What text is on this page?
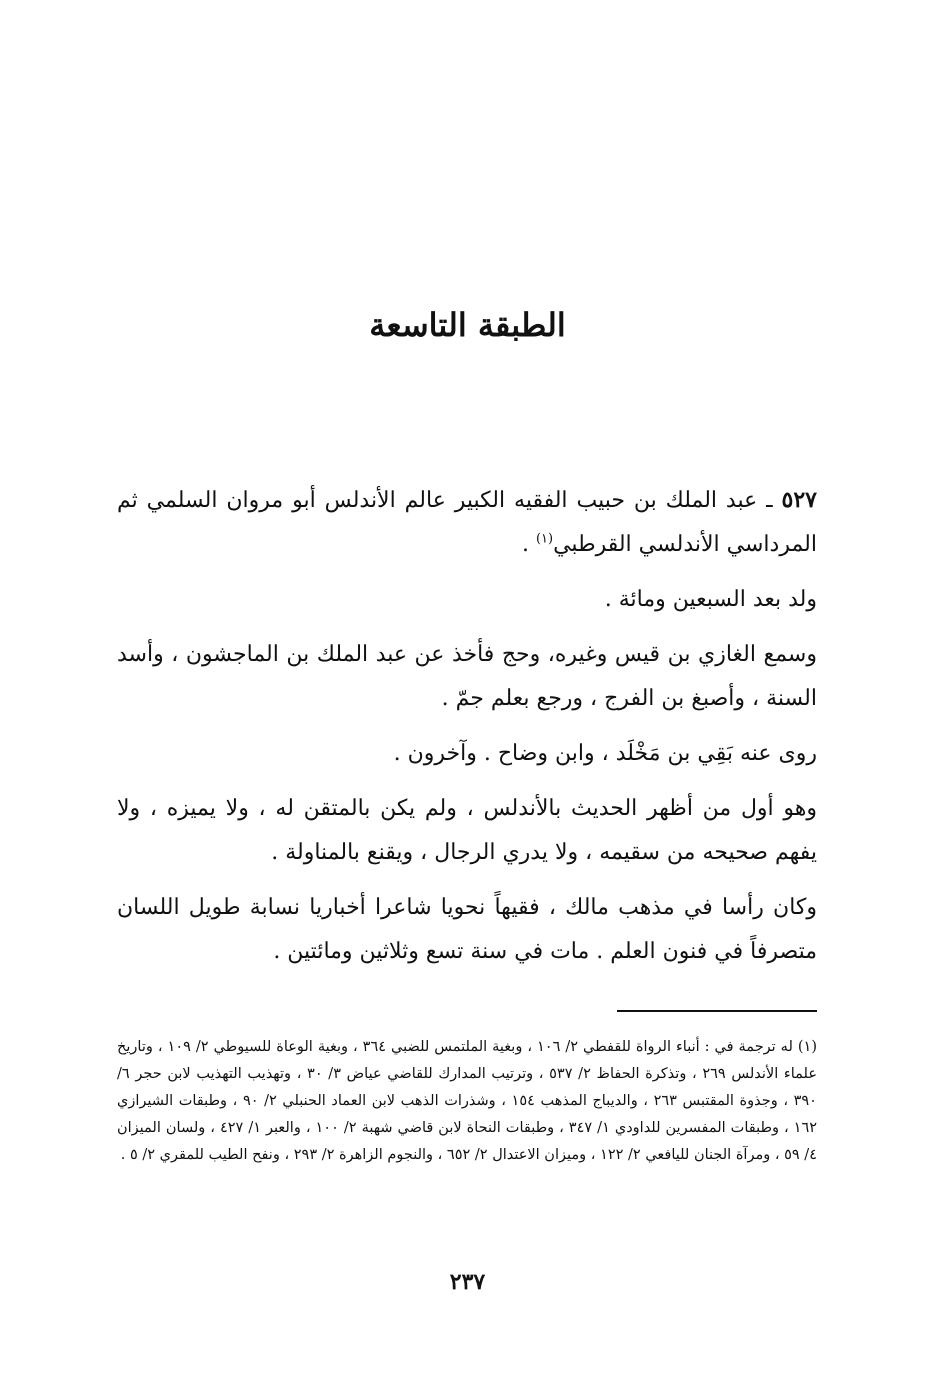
الطبقة التاسعة

٥٢٧ ـ عبد الملك بن حبيب الفقيه الكبير عالم الأندلس أبو مروان السلمي ثم المرداسي الأندلسي القرطبي$^{(١)}$ .

ولد بعد السبعين ومائة .

وسمع الغازي بن قيس وغيره، وحج فأخذ عن عبد الملك بن الماجشون ، وأسد السنة ، وأصبغ بن الفرج ، ورجع بعلم جمّ .

روى عنه بَقِي بن مَخْلَد ، وابن وضاح . وآخرون .

وهو أول من أظهر الحديث بالأندلس ، ولم يكن بالمتقن له ، ولا يميزه ، ولا يفهم صحيحه من سقيمه ، ولا يدري الرجال ، ويقنع بالمناولة .

وكان رأسا في مذهب مالك ، فقيهاً نحويا شاعرا أخباريا نسابة طويل اللسان متصرفاً في فنون العلم . مات في سنة تسع وثلاثين ومائتين .

(١) له ترجمة في : أنباء الرواة للقفطي ٢/ ١٠٦ ، وبغية الملتمس للضبي ٣٦٤ ، وبغية الوعاة للسيوطي ٢/ ١٠٩ ، وتاريخ علماء الأندلس ٢٦٩ ، وتذكرة الحفاظ ٢/ ٥٣٧ ، وترتيب المدارك للقاضي عياض ٣/ ٣٠ ، وتهذيب التهذيب لابن حجر ٦/ ٣٩٠ ، وجذوة المقتبس ٢٦٣ ، والديباج المذهب ١٥٤ ، وشذرات الذهب لابن العماد الحنبلي ٢/ ٩٠ ، وطبقات الشيرازي ١٦٢ ، وطبقات المفسرين للداودي ١/ ٣٤٧ ، وطبقات النحاة لابن قاضي شهبة ٢/ ١٠٠ ، والعبر ١/ ٤٢٧ ، ولسان الميزان ٤/ ٥٩ ، ومرآة الجنان لليافعي ٢/ ١٢٢ ، وميزان الاعتدال ٢/ ٦٥٢ ، والنجوم الزاهرة ٢/ ٢٩٣ ، ونفح الطيب للمقري ٢/ ٥ .

٢٣٧
